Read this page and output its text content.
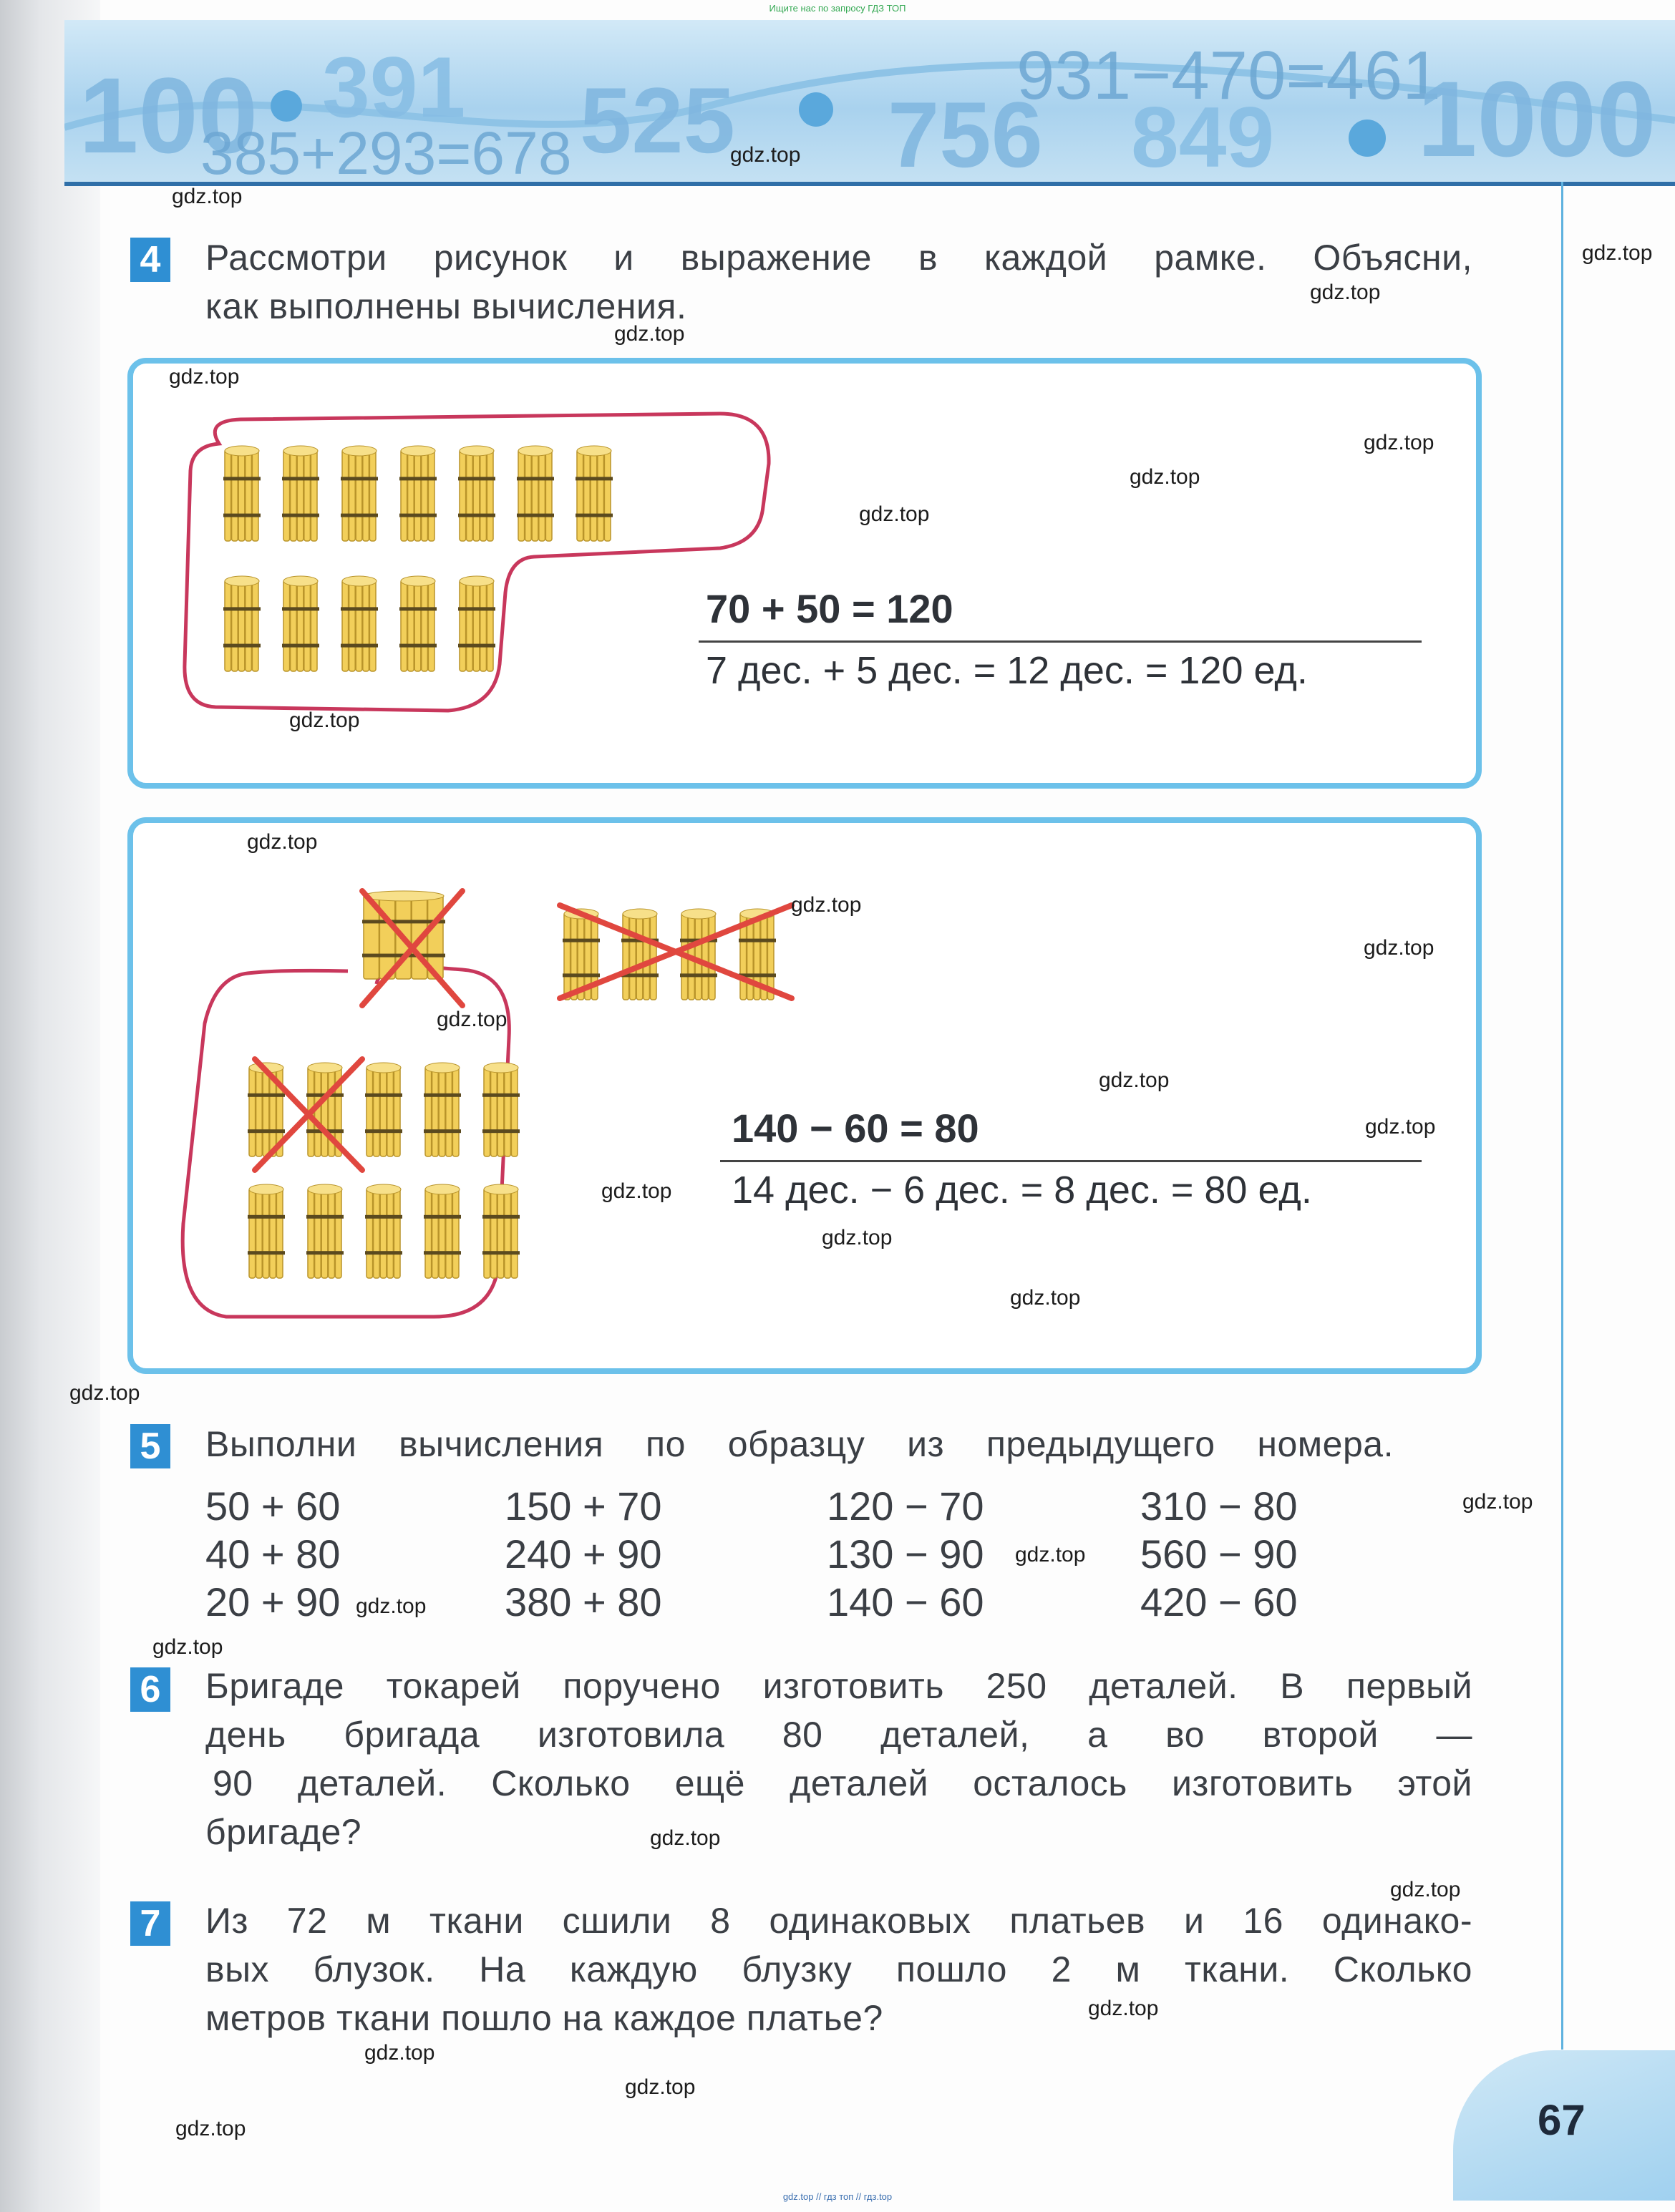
Ищите нас по запросу ГДЗ ТОП
100 391
385+293=678 525 756
931−470=461
849 1000
4 Рассмотри рисунок и выражение в каждой рамке. Объясни,
как выполнены вычисления.
70 + 50 = 120
7 дес. + 5 дес. = 12 дес. = 120 ед.
140 − 60 = 80
14 дес. − 6 дес. = 8 дес. = 80 ед.
5 Выполни вычисления по образцу из предыдущего номера.
50 + 60
40 + 80
20 + 90
150 + 70
240 + 90
380 + 80
120 − 70
130 − 90
140 − 60
310 − 80
560 − 90
420 − 60
6 Бригаде токарей поручено изготовить 250 деталей. В первый
день бригада изготовила 80 деталей, а во второй —
90 деталей. Сколько ещё деталей осталось изготовить этой
бригаде?
7 Из 72 м ткани сшили 8 одинаковых платьев и 16 одинако-
вых блузок. На каждую блузку пошло 2 м ткани. Сколько
метров ткани пошло на каждое платье?
67
gdz.top
gdz.top
gdz.top
gdz.top
gdz.top
gdz.top
gdz.top
gdz.top
gdz.top
gdz.top
gdz.top
gdz.top
gdz.top
gdz.top
gdz.top
gdz.top
gdz.top
gdz.top
gdz.top
gdz.top
gdz.top
gdz.top
gdz.top
gdz.top
gdz.top
gdz.top
gdz.top
gdz.top
gdz.top
gdz.top
gdz.top // гдз топ // гдз.top
